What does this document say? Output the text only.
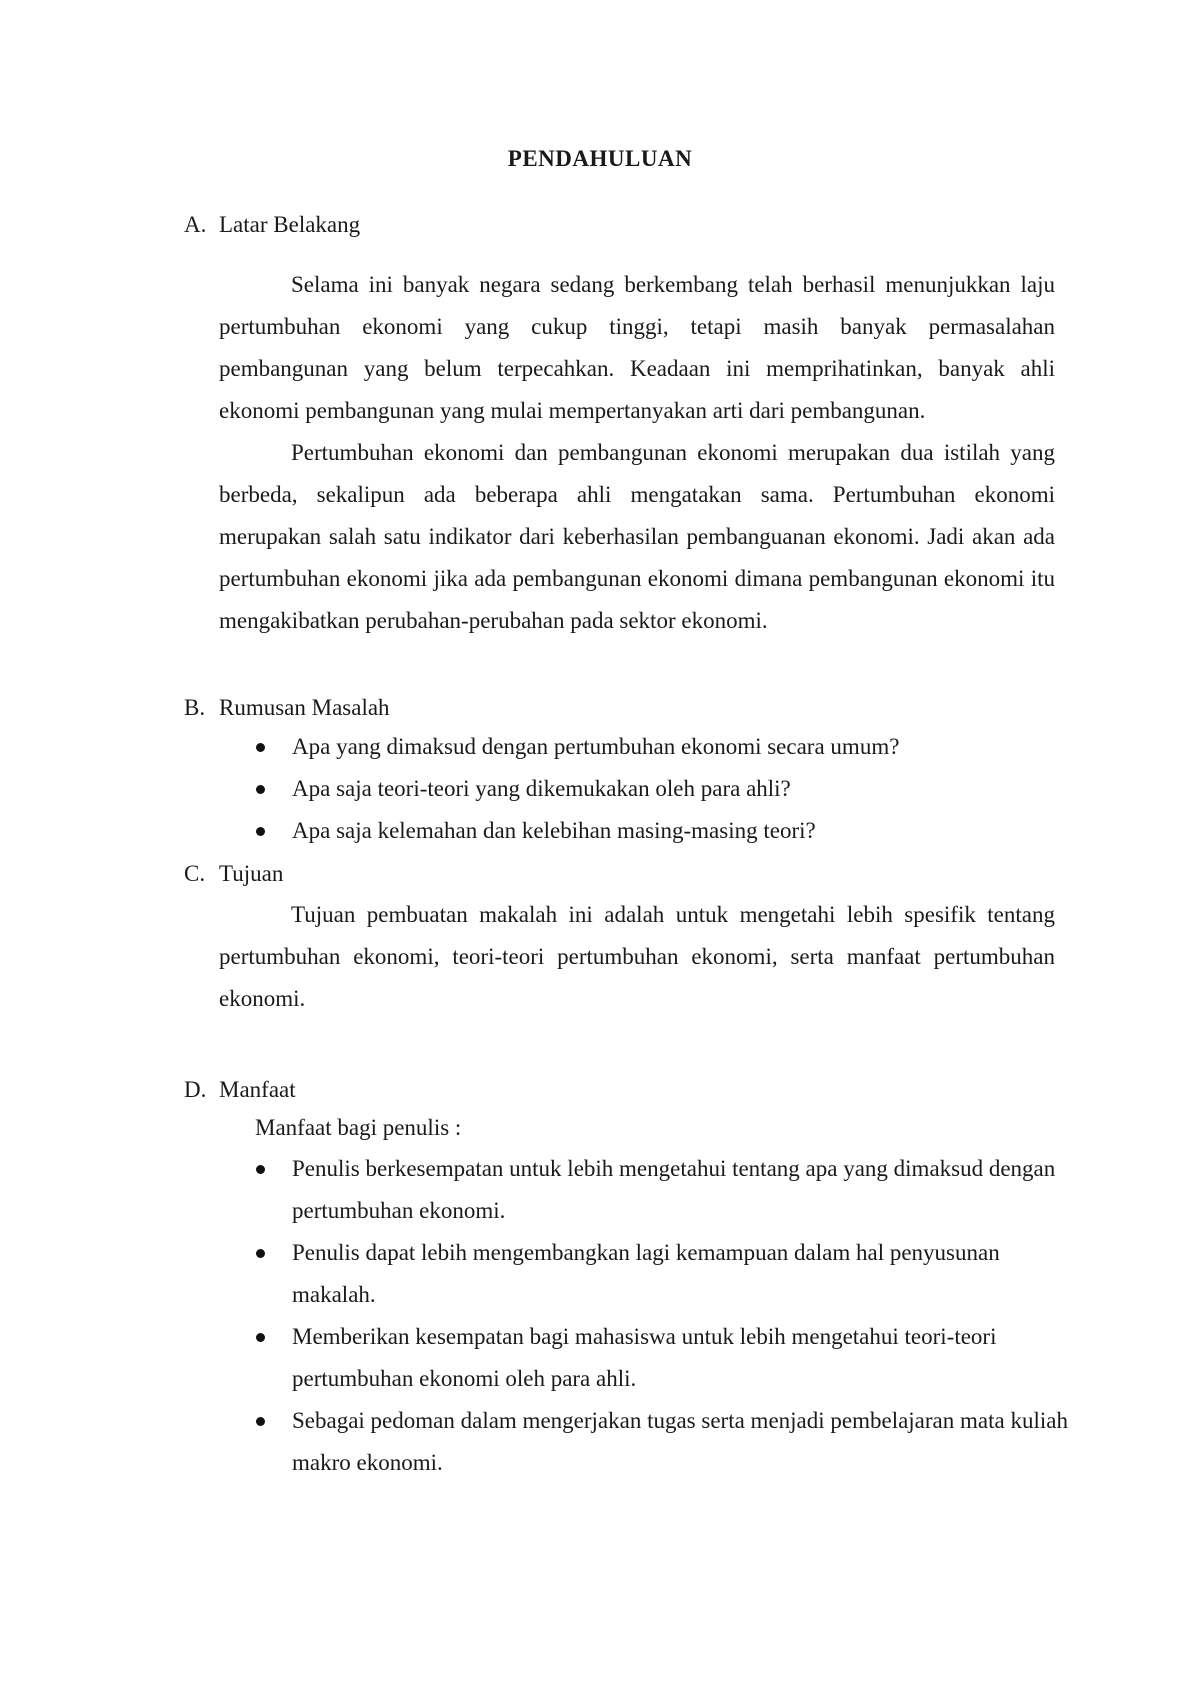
PENDAHULUAN
A. Latar Belakang

Selama ini banyak negara sedang berkembang telah berhasil menunjukkan laju pertumbuhan ekonomi yang cukup tinggi, tetapi masih banyak permasalahan pembangunan yang belum terpecahkan. Keadaan ini memprihatinkan, banyak ahli ekonomi pembangunan yang mulai mempertanyakan arti dari pembangunan.

Pertumbuhan ekonomi dan pembangunan ekonomi merupakan dua istilah yang berbeda, sekalipun ada beberapa ahli mengatakan sama. Pertumbuhan ekonomi merupakan salah satu indikator dari keberhasilan pembanguanan ekonomi. Jadi akan ada pertumbuhan ekonomi jika ada pembangunan ekonomi dimana pembangunan ekonomi itu mengakibatkan perubahan-perubahan pada sektor ekonomi.

B. Rumusan Masalah

Apa yang dimaksud dengan pertumbuhan ekonomi secara umum?

Apa saja teori-teori yang dikemukakan oleh para ahli?

Apa saja kelemahan dan kelebihan masing-masing teori?

C. Tujuan

Tujuan pembuatan makalah ini adalah untuk mengetahi lebih spesifik tentang pertumbuhan ekonomi, teori-teori pertumbuhan ekonomi, serta manfaat pertumbuhan ekonomi.

D. Manfaat

Manfaat bagi penulis :

Penulis berkesempatan untuk lebih mengetahui tentang apa yang dimaksud dengan pertumbuhan ekonomi.

Penulis dapat lebih mengembangkan lagi kemampuan dalam hal penyusunan makalah.

Memberikan kesempatan bagi mahasiswa untuk lebih mengetahui teori-teori pertumbuhan ekonomi oleh para ahli.

Sebagai pedoman dalam mengerjakan tugas serta menjadi pembelajaran mata kuliah makro ekonomi.
